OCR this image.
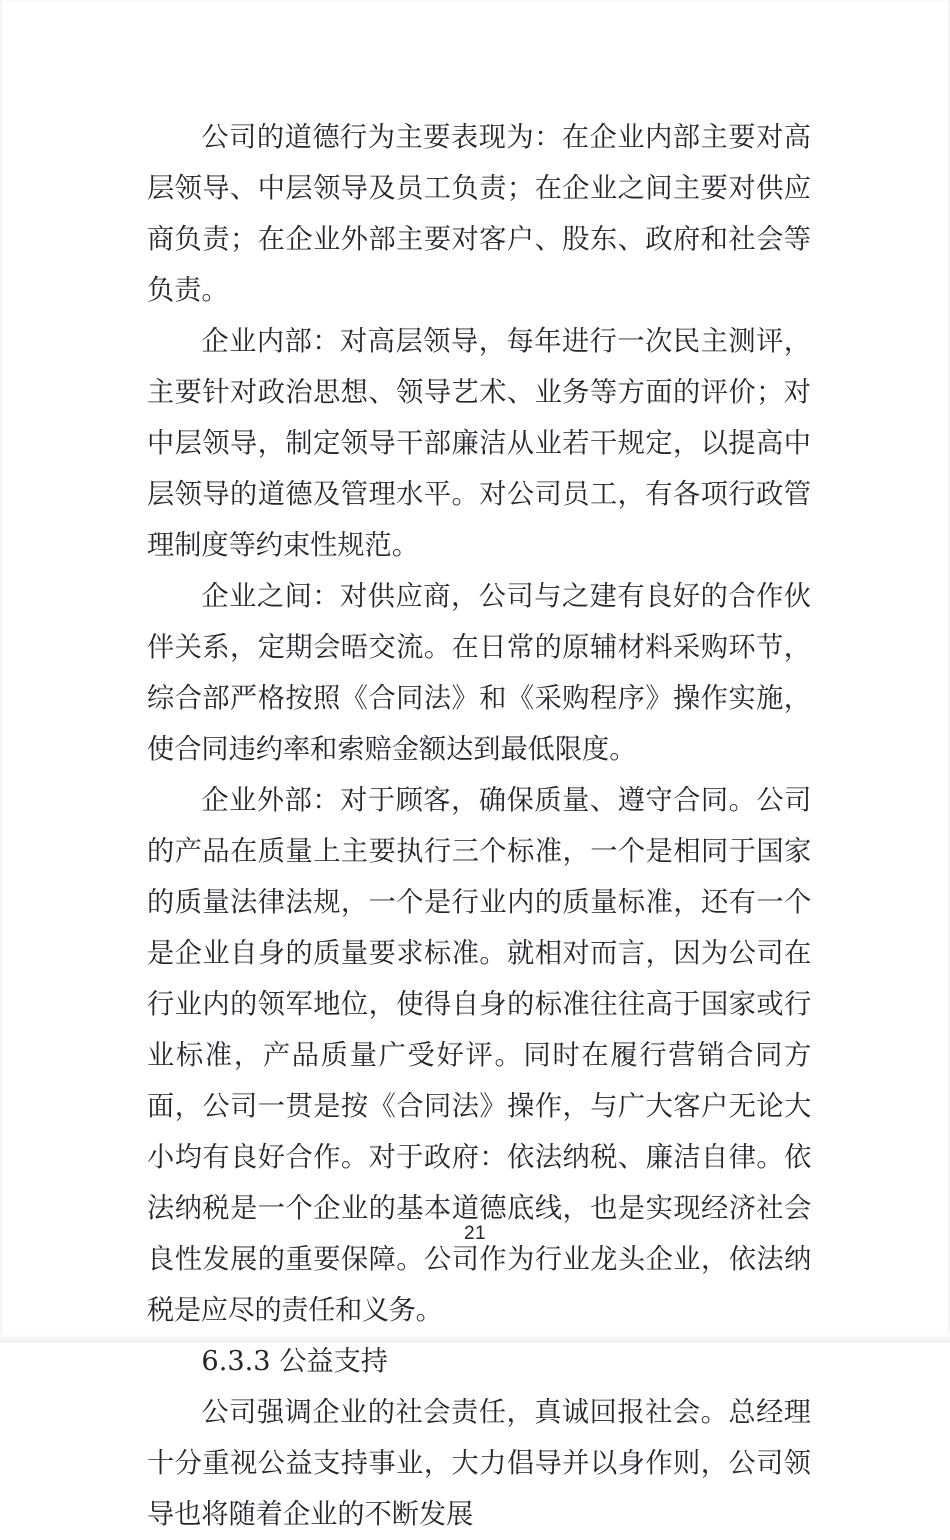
公司的道德行为主要表现为：在企业内部主要对高层领导、中层领导及员工负责；在企业之间主要对供应商负责；在企业外部主要对客户、股东、政府和社会等负责。

企业内部：对高层领导，每年进行一次民主测评，主要针对政治思想、领导艺术、业务等方面的评价；对中层领导，制定领导干部廉洁从业若干规定，以提高中层领导的道德及管理水平。对公司员工，有各项行政管理制度等约束性规范。

企业之间：对供应商，公司与之建有良好的合作伙伴关系，定期会晤交流。在日常的原辅材料采购环节，综合部严格按照《合同法》和《采购程序》操作实施，使合同违约率和索赔金额达到最低限度。

企业外部：对于顾客，确保质量、遵守合同。公司的产品在质量上主要执行三个标准，一个是相同于国家的质量法律法规，一个是行业内的质量标准，还有一个是企业自身的质量要求标准。就相对而言，因为公司在行业内的领军地位，使得自身的标准往往高于国家或行业标准，产品质量广受好评。同时在履行营销合同方面，公司一贯是按《合同法》操作，与广大客户无论大小均有良好合作。对于政府：依法纳税、廉洁自律。依法纳税是一个企业的基本道德底线，也是实现经济社会良性发展的重要保障。公司作为行业龙头企业，依法纳税是应尽的责任和义务。

6.3.3 公益支持

公司强调企业的社会责任，真诚回报社会。总经理十分重视公益支持事业，大力倡导并以身作则，公司领导也将随着企业的不断发展

21
